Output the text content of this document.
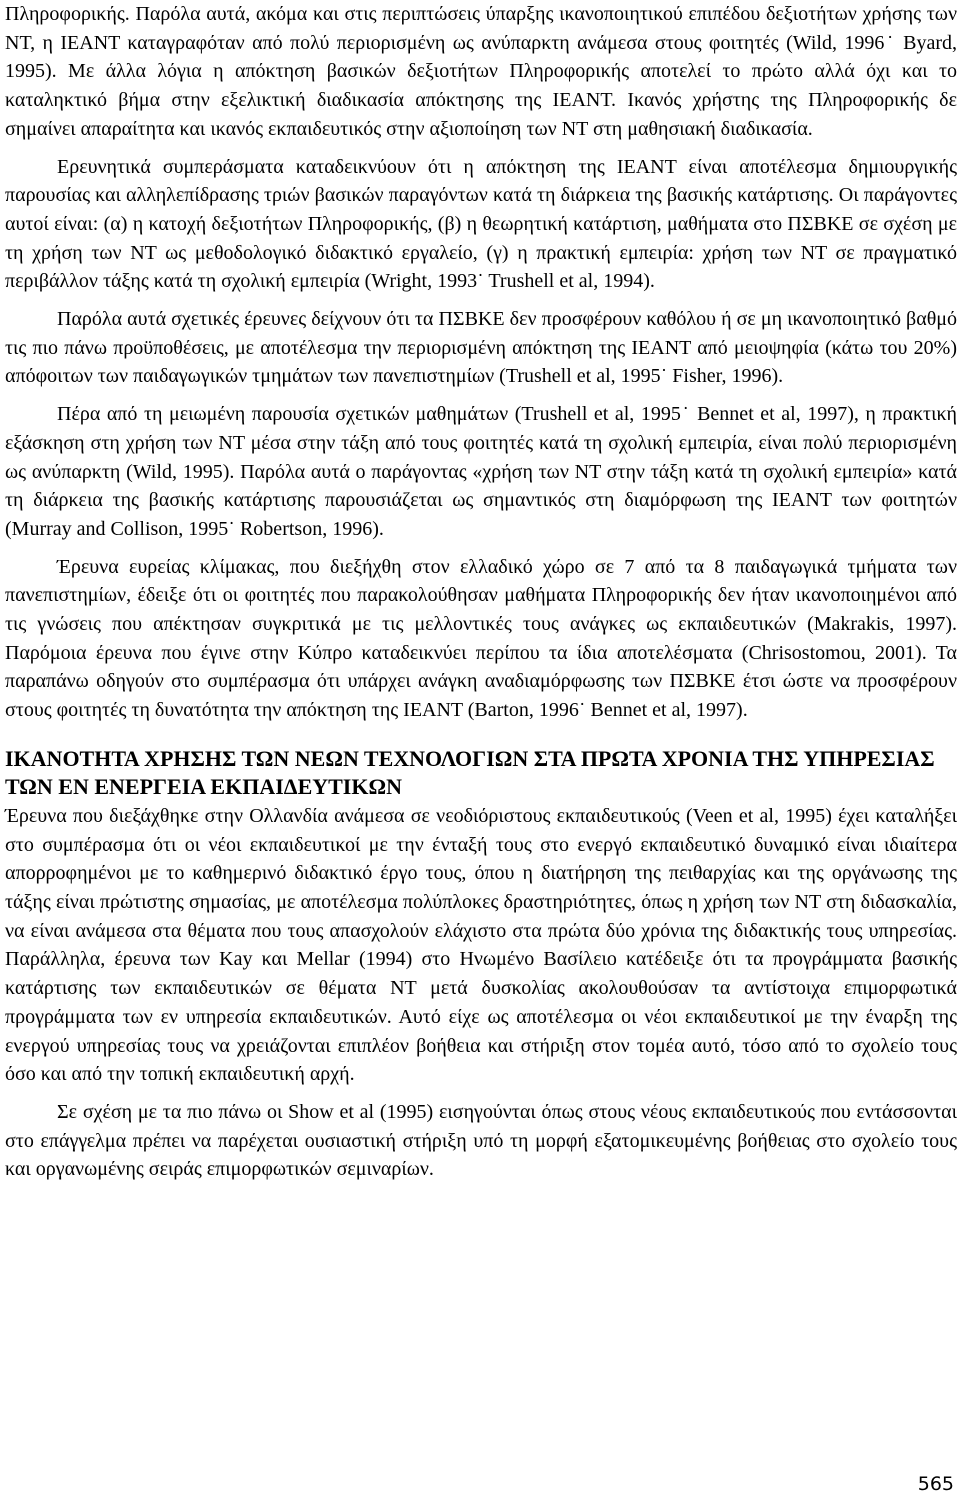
Πληροφορικής. Παρόλα αυτά, ακόμα και στις περιπτώσεις ύπαρξης ικανοποιητικού επιπέδου δεξιοτήτων χρήσης των ΝΤ, η ΙΕΑΝΤ καταγραφόταν από πολύ περιορισμένη ως ανύπαρκτη ανάμεσα στους φοιτητές (Wild, 1996˙ Byard, 1995). Με άλλα λόγια η απόκτηση βασικών δεξιοτήτων Πληροφορικής αποτελεί το πρώτο αλλά όχι και το καταληκτικό βήμα στην εξελικτική διαδικασία απόκτησης της ΙΕΑΝΤ. Ικανός χρήστης της Πληροφορικής δε σημαίνει απαραίτητα και ικανός εκπαιδευτικός στην αξιοποίηση των ΝΤ στη μαθησιακή διαδικασία.

Ερευνητικά συμπεράσματα καταδεικνύουν ότι η απόκτηση της ΙΕΑΝΤ είναι αποτέλεσμα δημιουργικής παρουσίας και αλληλεπίδρασης τριών βασικών παραγόντων κατά τη διάρκεια της βασικής κατάρτισης. Οι παράγοντες αυτοί είναι: (α) η κατοχή δεξιοτήτων Πληροφορικής, (β) η θεωρητική κατάρτιση, μαθήματα στο ΠΣΒΚΕ σε σχέση με τη χρήση των ΝΤ ως μεθοδολογικό διδακτικό εργαλείο, (γ) η πρακτική εμπειρία: χρήση των ΝΤ σε πραγματικό περιβάλλον τάξης κατά τη σχολική εμπειρία (Wright, 1993˙ Trushell et al, 1994).

Παρόλα αυτά σχετικές έρευνες δείχνουν ότι τα ΠΣΒΚΕ δεν προσφέρουν καθόλου ή σε μη ικανοποιητικό βαθμό τις πιο πάνω προϋποθέσεις, με αποτέλεσμα την περιορισμένη απόκτηση της ΙΕΑΝΤ από μειοψηφία (κάτω του 20%) απόφοιτων των παιδαγωγικών τμημάτων των πανεπιστημίων (Trushell et al, 1995˙ Fisher, 1996).

Πέρα από τη μειωμένη παρουσία σχετικών μαθημάτων (Trushell et al, 1995˙ Bennet et al, 1997), η πρακτική εξάσκηση στη χρήση των ΝΤ μέσα στην τάξη από τους φοιτητές κατά τη σχολική εμπειρία, είναι πολύ περιορισμένη ως ανύπαρκτη (Wild, 1995). Παρόλα αυτά ο παράγοντας «χρήση των ΝΤ στην τάξη κατά τη σχολική εμπειρία» κατά τη διάρκεια της βασικής κατάρτισης παρουσιάζεται ως σημαντικός στη διαμόρφωση της ΙΕΑΝΤ των φοιτητών (Murray and Collison, 1995˙ Robertson, 1996).

Έρευνα ευρείας κλίμακας, που διεξήχθη στον ελλαδικό χώρο σε 7 από τα 8 παιδαγωγικά τμήματα των πανεπιστημίων, έδειξε ότι οι φοιτητές που παρακολούθησαν μαθήματα Πληροφορικής δεν ήταν ικανοποιημένοι από τις γνώσεις που απέκτησαν συγκριτικά με τις μελλοντικές τους ανάγκες ως εκπαιδευτικών (Makrakis, 1997). Παρόμοια έρευνα που έγινε στην Κύπρο καταδεικνύει περίπου τα ίδια αποτελέσματα (Chrisostomou, 2001). Τα παραπάνω οδηγούν στο συμπέρασμα ότι υπάρχει ανάγκη αναδιαμόρφωσης των ΠΣΒΚΕ έτσι ώστε να προσφέρουν στους φοιτητές τη δυνατότητα την απόκτηση της ΙΕΑΝΤ (Barton, 1996˙ Bennet et al, 1997).

ΙΚΑΝΟΤΗΤΑ ΧΡΗΣΗΣ ΤΩΝ ΝΕΩΝ ΤΕΧΝΟΛΟΓΙΩΝ ΣΤΑ ΠΡΩΤΑ ΧΡΟΝΙΑ ΤΗΣ ΥΠΗΡΕΣΙΑΣ ΤΩΝ ΕΝ ΕΝΕΡΓΕΙΑ ΕΚΠΑΙΔΕΥΤΙΚΩΝ

Έρευνα που διεξάχθηκε στην Ολλανδία ανάμεσα σε νεοδιόριστους εκπαιδευτικούς (Veen et al, 1995) έχει καταλήξει στο συμπέρασμα ότι οι νέοι εκπαιδευτικοί με την ένταξή τους στο ενεργό εκπαιδευτικό δυναμικό είναι ιδιαίτερα απορροφημένοι με το καθημερινό διδακτικό έργο τους, όπου η διατήρηση της πειθαρχίας και της οργάνωσης της τάξης είναι πρώτιστης σημασίας, με αποτέλεσμα πολύπλοκες δραστηριότητες, όπως η χρήση των ΝΤ στη διδασκαλία, να είναι ανάμεσα στα θέματα που τους απασχολούν ελάχιστο στα πρώτα δύο χρόνια της διδακτικής τους υπηρεσίας. Παράλληλα, έρευνα των Kay και Mellar (1994) στο Ηνωμένο Βασίλειο κατέδειξε ότι τα προγράμματα βασικής κατάρτισης των εκπαιδευτικών σε θέματα ΝΤ μετά δυσκολίας ακολουθούσαν τα αντίστοιχα επιμορφωτικά προγράμματα των εν υπηρεσία εκπαιδευτικών. Αυτό είχε ως αποτέλεσμα οι νέοι εκπαιδευτικοί με την έναρξη της ενεργού υπηρεσίας τους να χρειάζονται επιπλέον βοήθεια και στήριξη στον τομέα αυτό, τόσο από το σχολείο τους όσο και από την τοπική εκπαιδευτική αρχή.

Σε σχέση με τα πιο πάνω οι Show et al (1995) εισηγούνται όπως στους νέους εκπαιδευτικούς που εντάσσονται στο επάγγελμα πρέπει να παρέχεται ουσιαστική στήριξη υπό τη μορφή εξατομικευμένης βοήθειας στο σχολείο τους και οργανωμένης σειράς επιμορφωτικών σεμιναρίων.

565
